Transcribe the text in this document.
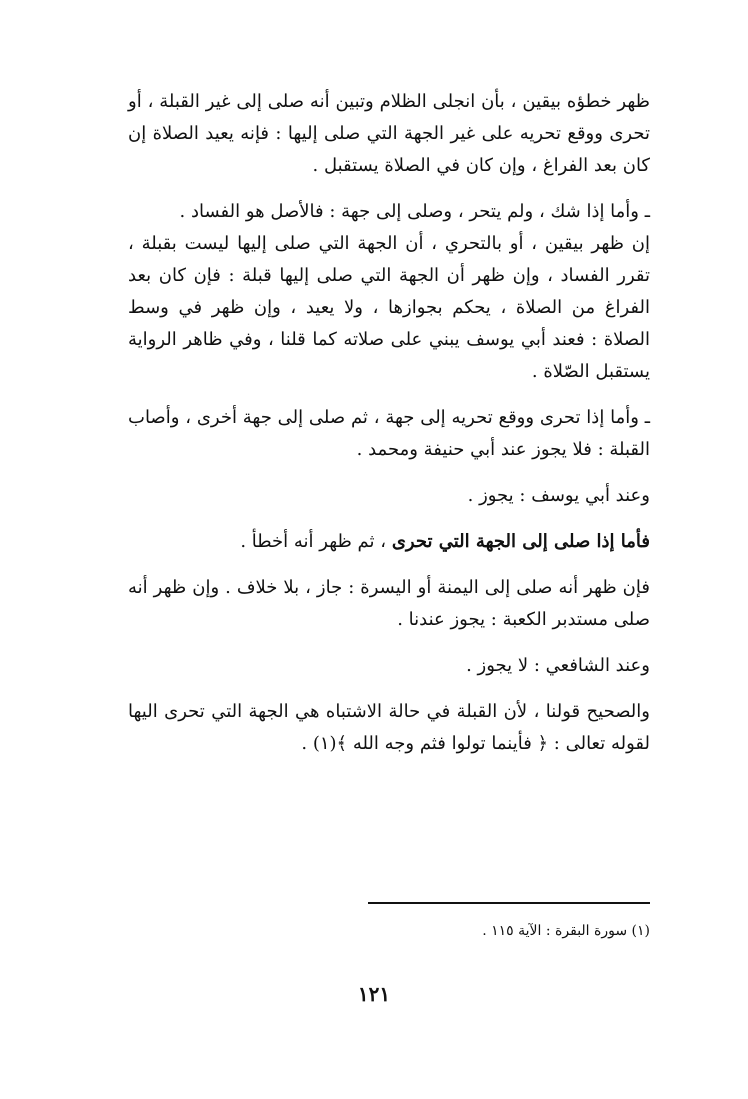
ظهر خطؤه بيقين ، بأن انجلى الظلام وتبين أنه صلى إلى غير القبلة ، أو تحرى ووقع تحريه على غير الجهة التي صلى إليها : فإنه يعيد الصلاة إن كان بعد الفراغ ، وإن كان في الصلاة يستقبل .

ـ وأما إذا شك ، ولم يتحر ، وصلى إلى جهة : فالأصل هو الفساد .
إن ظهر بيقين ، أو بالتحري ، أن الجهة التي صلى إليها ليست بقبلة ، تقرر الفساد ، وإن ظهر أن الجهة التي صلى إليها قبلة : فإن كان بعد الفراغ من الصلاة ، يحكم بجوازها ، ولا يعيد ، وإن ظهر في وسط الصلاة : فعند أبي يوسف يبني على صلاته كما قلنا ، وفي ظاهر الرواية يستقبل الصّلاة .

ـ وأما إذا تحرى ووقع تحريه إلى جهة ، ثم صلى إلى جهة أخرى ، وأصاب القبلة : فلا يجوز عند أبي حنيفة ومحمد .

وعند أبي يوسف : يجوز .

فأما إذا صلى إلى الجهة التي تحرى ، ثم ظهر أنه أخطأ .

فإن ظهر أنه صلى إلى اليمنة أو اليسرة : جاز ، بلا خلاف . وإن ظهر أنه صلى مستدبر الكعبة : يجوز عندنا .

وعند الشافعي : لا يجوز .

والصحيح قولنا ، لأن القبلة في حالة الاشتباه هي الجهة التي تحرى اليها لقوله تعالى : ﴿ فأينما تولوا فثم وجه الله ﴾(١) .

(١) سورة البقرة : الآية ١١٥ .
١٢١
